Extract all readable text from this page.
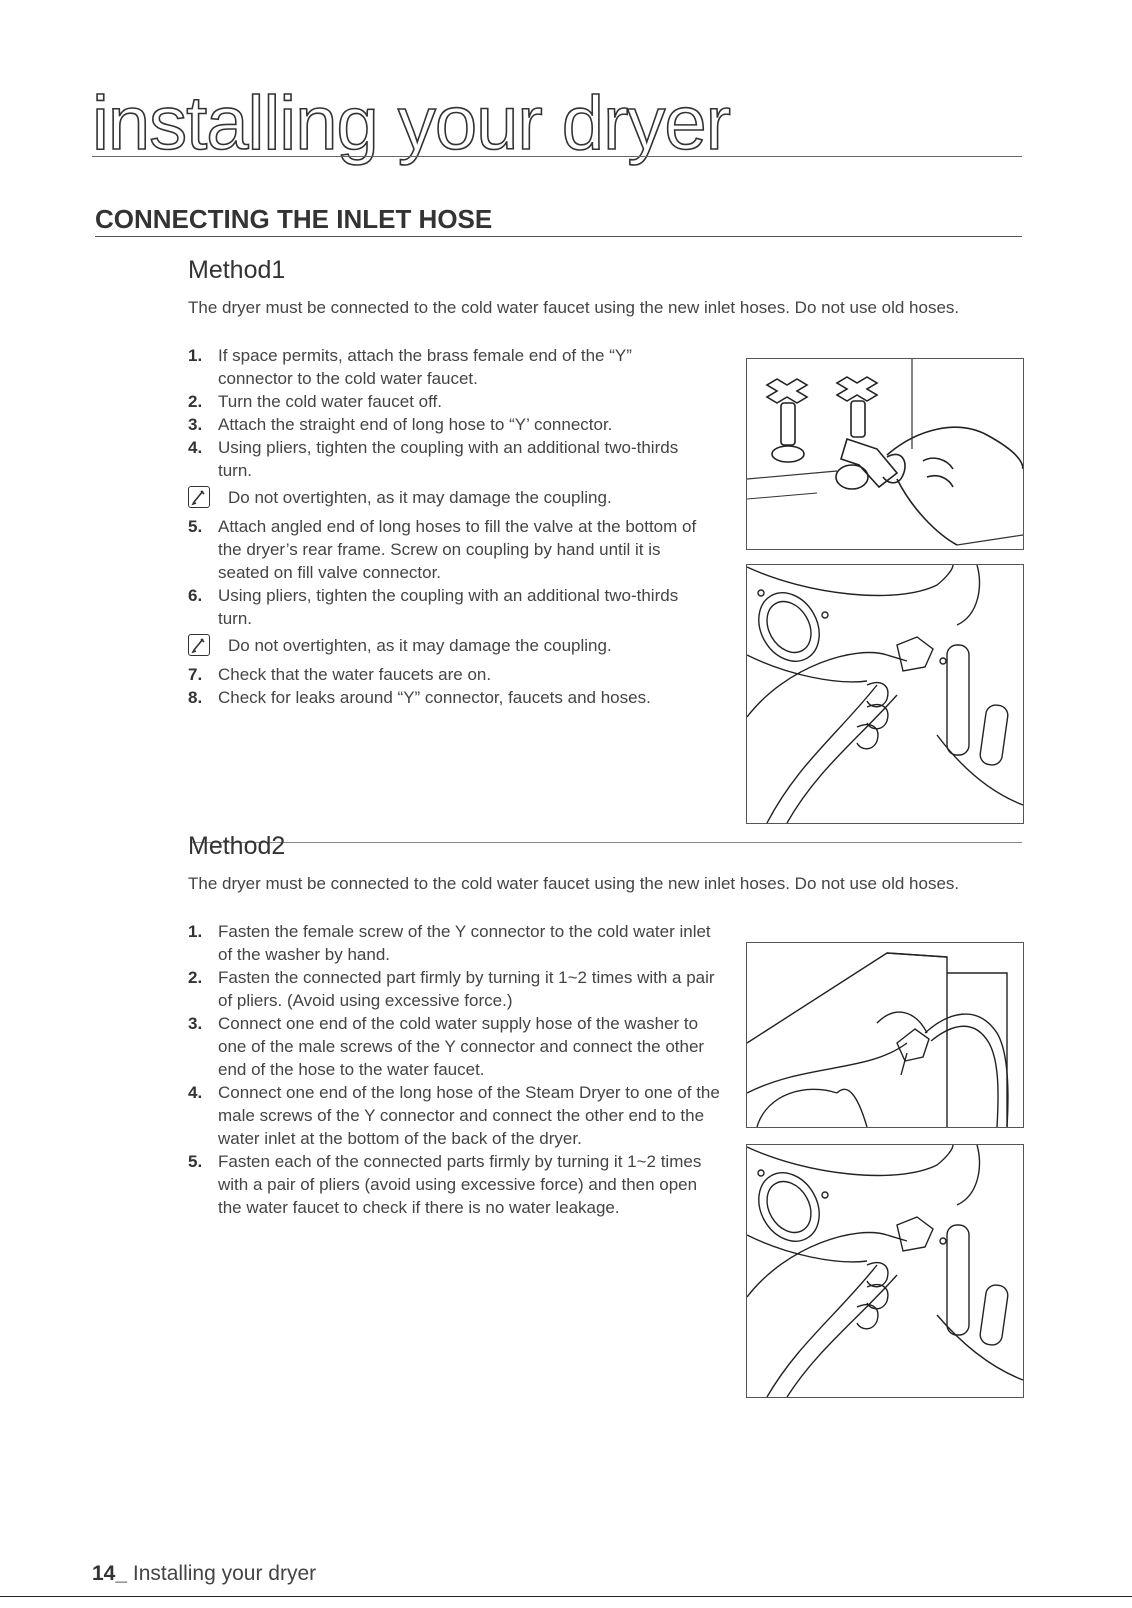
installing your dryer
CONNECTING THE INLET HOSE
Method1
The dryer must be connected to the cold water faucet using the new inlet hoses. Do not use old hoses.
1. If space permits, attach the brass female end of the “Y” connector to the cold water faucet.
2. Turn the cold water faucet off.
3. Attach the straight end of long hose to “Y’ connector.
4. Using pliers, tighten the coupling with an additional two-thirds turn.
Do not overtighten, as it may damage the coupling.
5. Attach angled end of long hoses to fill the valve at the bottom of the dryer’s rear frame. Screw on coupling by hand until it is seated on fill valve connector.
6. Using pliers, tighten the coupling with an additional two-thirds turn.
Do not overtighten, as it may damage the coupling.
7. Check that the water faucets are on.
8. Check for leaks around “Y” connector, faucets and hoses.
Method2
The dryer must be connected to the cold water faucet using the new inlet hoses. Do not use old hoses.
1. Fasten the female screw of the Y connector to the cold water inlet of the washer by hand.
2. Fasten the connected part firmly by turning it 1~2 times with a pair of pliers. (Avoid using excessive force.)
3. Connect one end of the cold water supply hose of the washer to one of the male screws of the Y connector and connect the other end of the hose to the water faucet.
4. Connect one end of the long hose of the Steam Dryer to one of the male screws of the Y connector and connect the other end to the water inlet at the bottom of the back of the dryer.
5. Fasten each of the connected parts firmly by turning it 1~2 times with a pair of pliers (avoid using excessive force) and then open the water faucet to check if there is no water leakage.
14_ Installing your dryer
